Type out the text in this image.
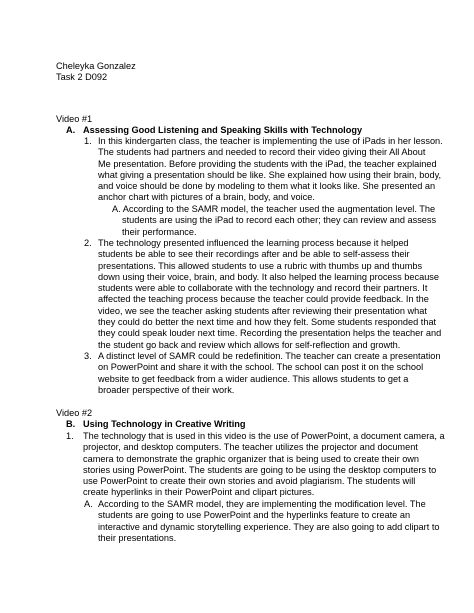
Cheleyka Gonzalez
Task 2 D092
Video #1
A. Assessing Good Listening and Speaking Skills with Technology
1. In this kindergarten class, the teacher is implementing the use of iPads in her lesson.
The students had partners and needed to record their video giving their All About
Me presentation. Before providing the students with the iPad, the teacher explained
what giving a presentation should be like. She explained how using their brain, body,
and voice should be done by modeling to them what it looks like. She presented an
anchor chart with pictures of a brain, body, and voice.
A. According to the SAMR model, the teacher used the augmentation level. The
students are using the iPad to record each other; they can review and assess
their performance.
2. The technology presented influenced the learning process because it helped
students be able to see their recordings after and be able to self-assess their
presentations. This allowed students to use a rubric with thumbs up and thumbs
down using their voice, brain, and body. It also helped the learning process because
students were able to collaborate with the technology and record their partners. It
affected the teaching process because the teacher could provide feedback. In the
video, we see the teacher asking students after reviewing their presentation what
they could do better the next time and how they felt. Some students responded that
they could speak louder next time. Recording the presentation helps the teacher and
the student go back and review which allows for self-reflection and growth.
3. A distinct level of SAMR could be redefinition. The teacher can create a presentation
on PowerPoint and share it with the school. The school can post it on the school
website to get feedback from a wider audience. This allows students to get a
broader perspective of their work.
Video #2
B. Using Technology in Creative Writing
1. The technology that is used in this video is the use of PowerPoint, a document camera, a
projector, and desktop computers. The teacher utilizes the projector and document
camera to demonstrate the graphic organizer that is being used to create their own
stories using PowerPoint. The students are going to be using the desktop computers to
use PowerPoint to create their own stories and avoid plagiarism. The students will
create hyperlinks in their PowerPoint and clipart pictures.
A. According to the SAMR model, they are implementing the modification level. The
students are going to use PowerPoint and the hyperlinks feature to create an
interactive and dynamic storytelling experience. They are also going to add clipart to
their presentations.
